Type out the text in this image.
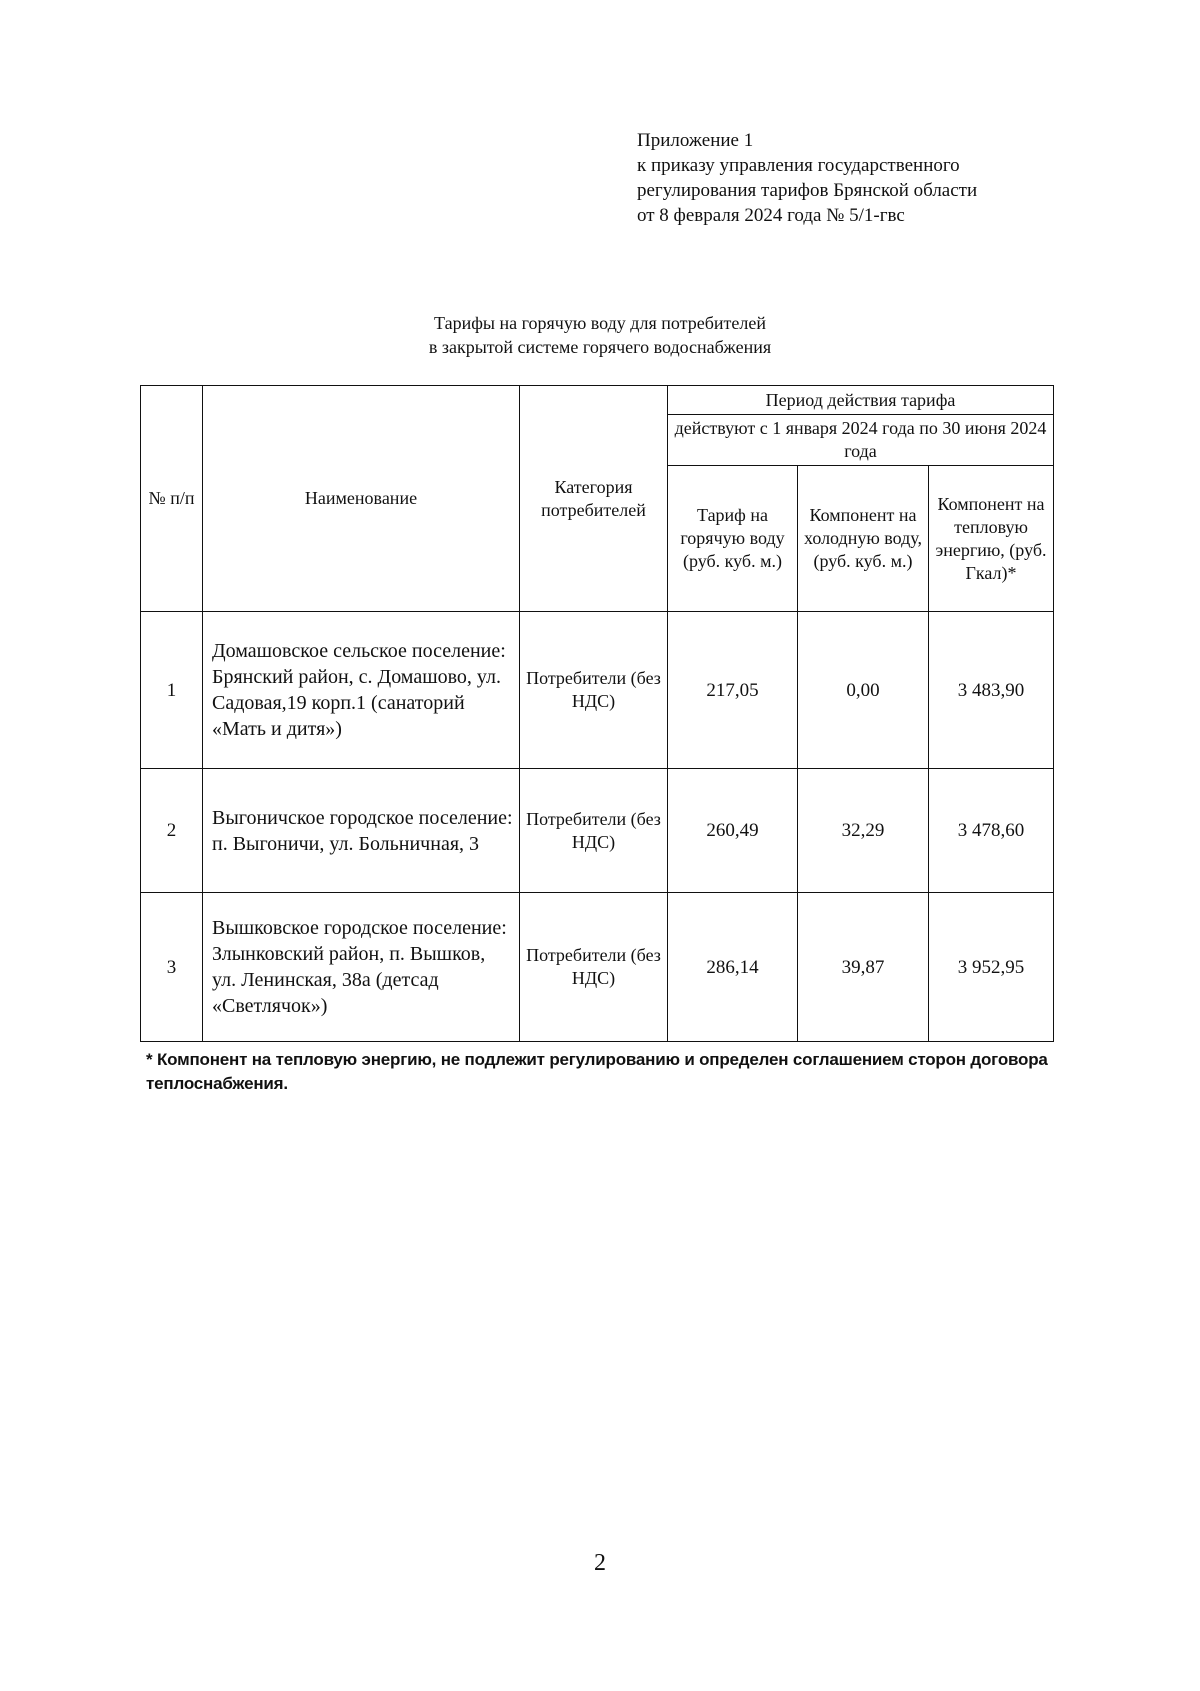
Приложение 1
к приказу управления государственного
регулирования тарифов Брянской области
от 8 февраля 2024 года № 5/1-гвс
Тарифы на горячую воду для потребителей
в закрытой системе горячего водоснабжения
№ п/п	Наименование	Категория потребителей	Период действия тарифа		
			действуют с 1 января 2024 года по 30 июня 2024 года		
			Тариф на горячую воду (руб. куб. м.)	Компонент на холодную воду, (руб. куб. м.)	Компонент на тепловую энергию, (руб. Гкал)*
1	Домашовское сельское поселение: Брянский район, с. Домашово, ул. Садовая,19 корп.1 (санаторий «Мать и дитя»)	Потребители (без НДС)	217,05	0,00	3 483,90
2	Выгоничское городское поселение: п. Выгоничи, ул. Больничная, 3	Потребители (без НДС)	260,49	32,29	3 478,60
3	Вышковское городское поселение: Злынковский район, п. Вышков, ул. Ленинская, 38а (детсад «Светлячок»)	Потребители (без НДС)	286,14	39,87	3 952,95
* Компонент на тепловую энергию, не подлежит регулированию и определен соглашением сторон договора теплоснабжения.
2
